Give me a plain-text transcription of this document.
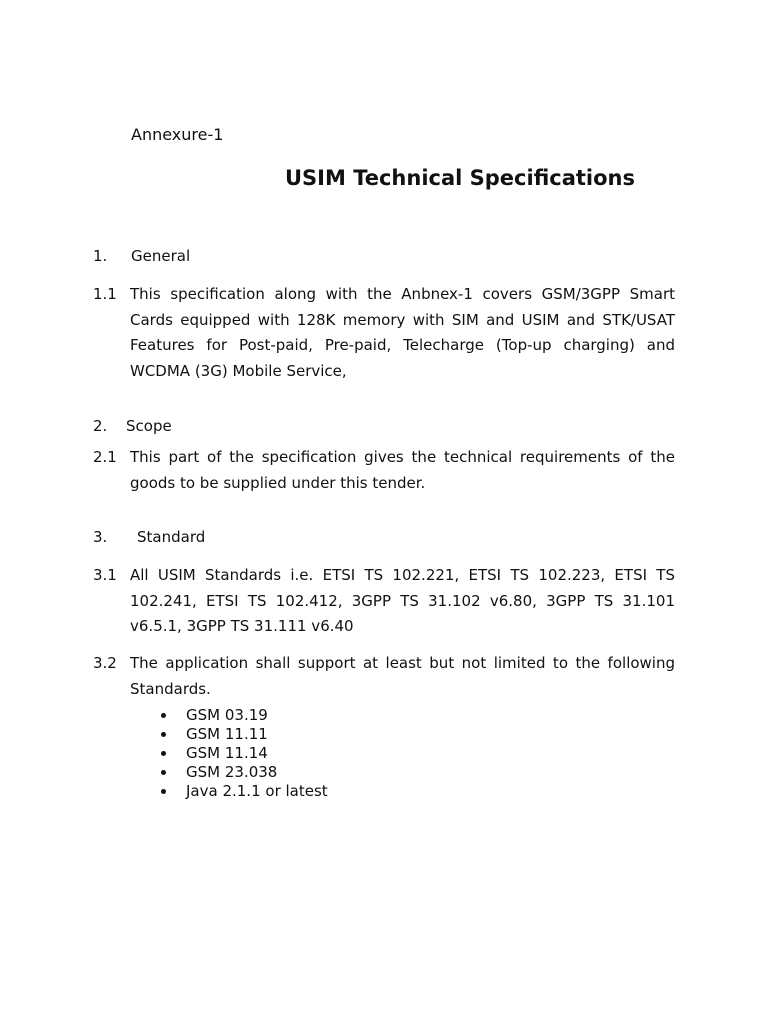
Annexure-1
USIM Technical Specifications
1. General
1.1 This specification along with the Anbnex-1 covers GSM/3GPP Smart Cards equipped with 128K memory with SIM and USIM and STK/USAT Features for Post-paid, Pre-paid, Telecharge (Top-up charging) and WCDMA (3G) Mobile Service,
2. Scope
2.1 This part of the specification gives the technical requirements of the goods to be supplied under this tender.
3. Standard
3.1 All USIM Standards i.e. ETSI TS 102.221, ETSI TS 102.223, ETSI TS 102.241, ETSI TS 102.412, 3GPP TS 31.102 v6.80, 3GPP TS 31.101 v6.5.1, 3GPP TS 31.111 v6.40
3.2 The application shall support at least but not limited to the following Standards.
GSM 03.19
GSM 11.11
GSM 11.14
GSM 23.038
Java 2.1.1 or latest
